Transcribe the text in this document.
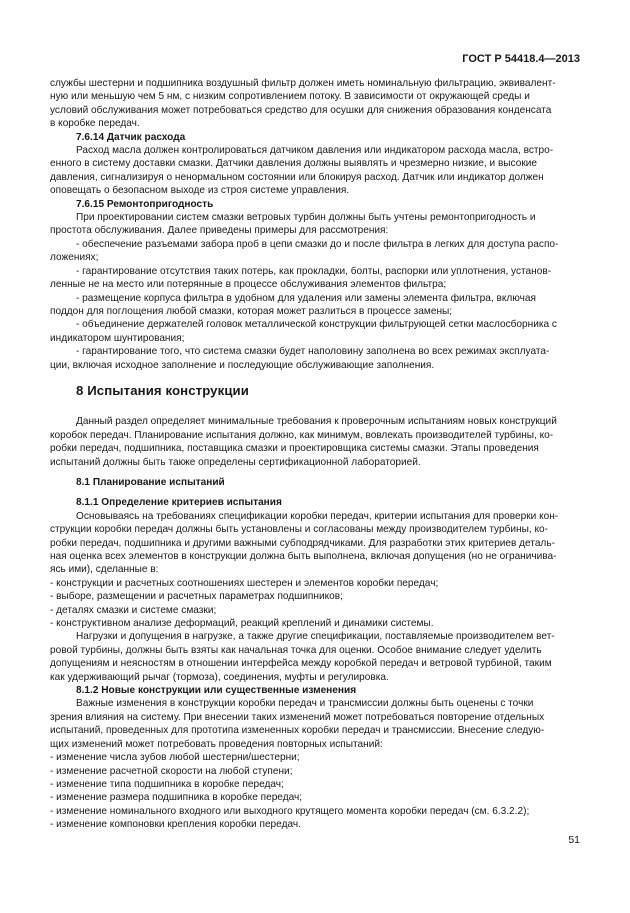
ГОСТ Р 54418.4—2013
службы шестерни и подшипника воздушный фильтр должен иметь номинальную фильтрацию, эквивалент-
ную или меньшую чем 5 нм, с низким сопротивлением потоку. В зависимости от окружающей среды и
условий обслуживания может потребоваться средство для осушки для снижения образования конденсата
в коробке передач.
7.6.14 Датчик расхода
Расход масла должен контролироваться датчиком давления или индикатором расхода масла, встро-
енного в систему доставки смазки. Датчики давления должны выявлять и чрезмерно низкие, и высокие
давления, сигнализируя о ненормальном состоянии или блокируя расход. Датчик или индикатор должен
оповещать о безопасном выходе из строя системе управления.
7.6.15 Ремонтопригодность
При проектировании систем смазки ветровых турбин должны быть учтены ремонтопригодность и
простота обслуживания. Далее приведены примеры для рассмотрения:
- обеспечение разъемами забора проб в цепи смазки до и после фильтра в легких для доступа распо-
ложениях;
- гарантирование отсутствия таких потерь, как прокладки, болты, распорки или уплотнения, установ-
ленные не на место или потерянные в процессе обслуживания элементов фильтра;
- размещение корпуса фильтра в удобном для удаления или замены элемента фильтра, включая
поддон для поглощения любой смазки, которая может разлиться в процессе замены;
- объединение держателей головок металлической конструкции фильтрующей сетки маслосборника с
индикатором шунтирования;
- гарантирование того, что система смазки будет наполовину заполнена во всех режимах эксплуата-
ции, включая исходное заполнение и последующие обслуживающие заполнения.
8 Испытания конструкции
Данный раздел определяет минимальные требования к проверочным испытаниям новых конструкций
коробок передач. Планирование испытания должно, как минимум, вовлекать производителей турбины, ко-
робки передач, подшипника, поставщика смазки и проектировщика системы смазки. Этапы проведения
испытаний должны быть также определены сертификационной лабораторией.
8.1 Планирование испытаний
8.1.1 Определение критериев испытания
Основываясь на требованиях спецификации коробки передач, критерии испытания для проверки кон-
струкции коробки передач должны быть установлены и согласованы между производителем турбины, ко-
робки передач, подшипника и другими важными субподрядчиками. Для разработки этих критериев деталь-
ная оценка всех элементов в конструкции должна быть выполнена, включая допущения (но не ограничива-
ясь ими), сделанные в:
- конструкции и расчетных соотношениях шестерен и элементов коробки передач;
- выборе, размещении и расчетных параметрах подшипников;
- деталях смазки и системе смазки;
- конструктивном анализе деформаций, реакций креплений и динамики системы.
Нагрузки и допущения в нагрузке, а также другие спецификации, поставляемые производителем вет-
ровой турбины, должны быть взяты как начальная точка для оценки. Особое внимание следует уделить
допущениям и неясностям в отношении интерфейса между коробкой передач и ветровой турбиной, таким
как удерживающий рычаг (тормоза), соединения, муфты и регулировка.
8.1.2 Новые конструкции или существенные изменения
Важные изменения в конструкции коробки передач и трансмиссии должны быть оценены с точки
зрения влияния на систему. При внесении таких изменений может потребоваться повторение отдельных
испытаний, проведенных для прототипа измененных коробки передач и трансмиссии. Внесение следую-
щих изменений может потребовать проведения повторных испытаний:
- изменение числа зубов любой шестерни/шестерни;
- изменение расчетной скорости на любой ступени;
- изменение типа подшипника в коробке передач;
- изменение размера подшипника в коробке передач;
- изменение номинального входного или выходного крутящего момента коробки передач (см. 6.3.2.2);
- изменение компоновки крепления коробки передач.
51
